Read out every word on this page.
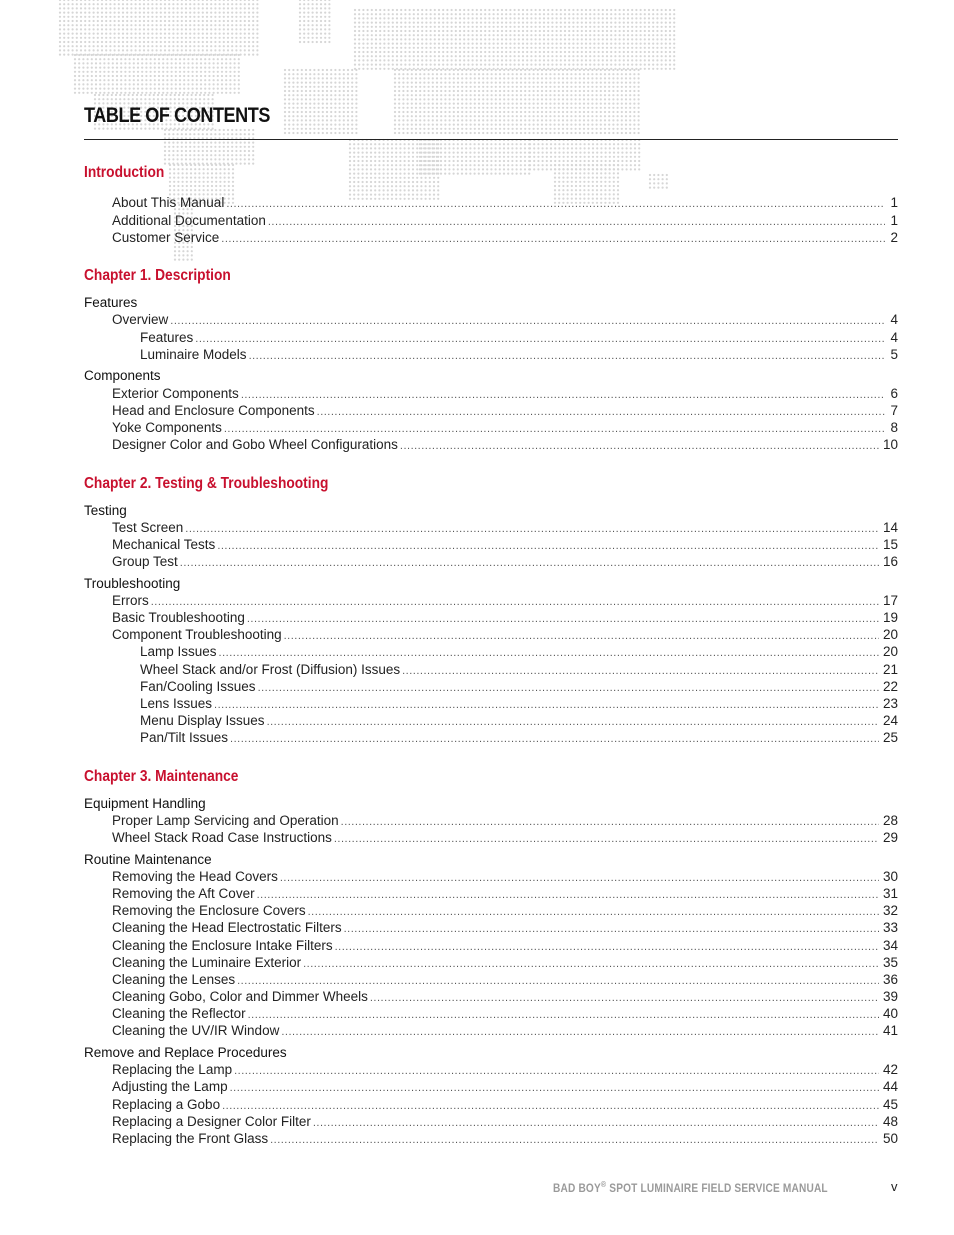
TABLE OF CONTENTS
Introduction
About This Manual .....	1
Additional Documentation .....	1
Customer Service .....	2
Chapter 1. Description
Features
Overview .....	4
Features .....	4
Luminaire Models .....	5
Components
Exterior Components .....	6
Head and Enclosure Components .....	7
Yoke Components .....	8
Designer Color and Gobo Wheel Configurations .....	10
Chapter 2. Testing & Troubleshooting
Testing
Test Screen .....	14
Mechanical Tests .....	15
Group Test .....	16
Troubleshooting
Errors .....	17
Basic Troubleshooting .....	19
Component Troubleshooting .....	20
Lamp Issues .....	20
Wheel Stack and/or Frost (Diffusion) Issues .....	21
Fan/Cooling Issues .....	22
Lens Issues .....	23
Menu Display Issues .....	24
Pan/Tilt Issues .....	25
Chapter 3. Maintenance
Equipment Handling
Proper Lamp Servicing and Operation .....	28
Wheel Stack Road Case Instructions .....	29
Routine Maintenance
Removing the Head Covers .....	30
Removing the Aft Cover .....	31
Removing the Enclosure Covers .....	32
Cleaning the Head Electrostatic Filters .....	33
Cleaning the Enclosure Intake Filters .....	34
Cleaning the Luminaire Exterior .....	35
Cleaning the Lenses .....	36
Cleaning Gobo, Color and Dimmer Wheels .....	39
Cleaning the Reflector .....	40
Cleaning the UV/IR Window .....	41
Remove and Replace Procedures
Replacing the Lamp .....	42
Adjusting the Lamp .....	44
Replacing a Gobo .....	45
Replacing a Designer Color Filter .....	48
Replacing the Front Glass .....	50
BAD BOY® SPOT LUMINAIRE FIELD SERVICE MANUAL	v
